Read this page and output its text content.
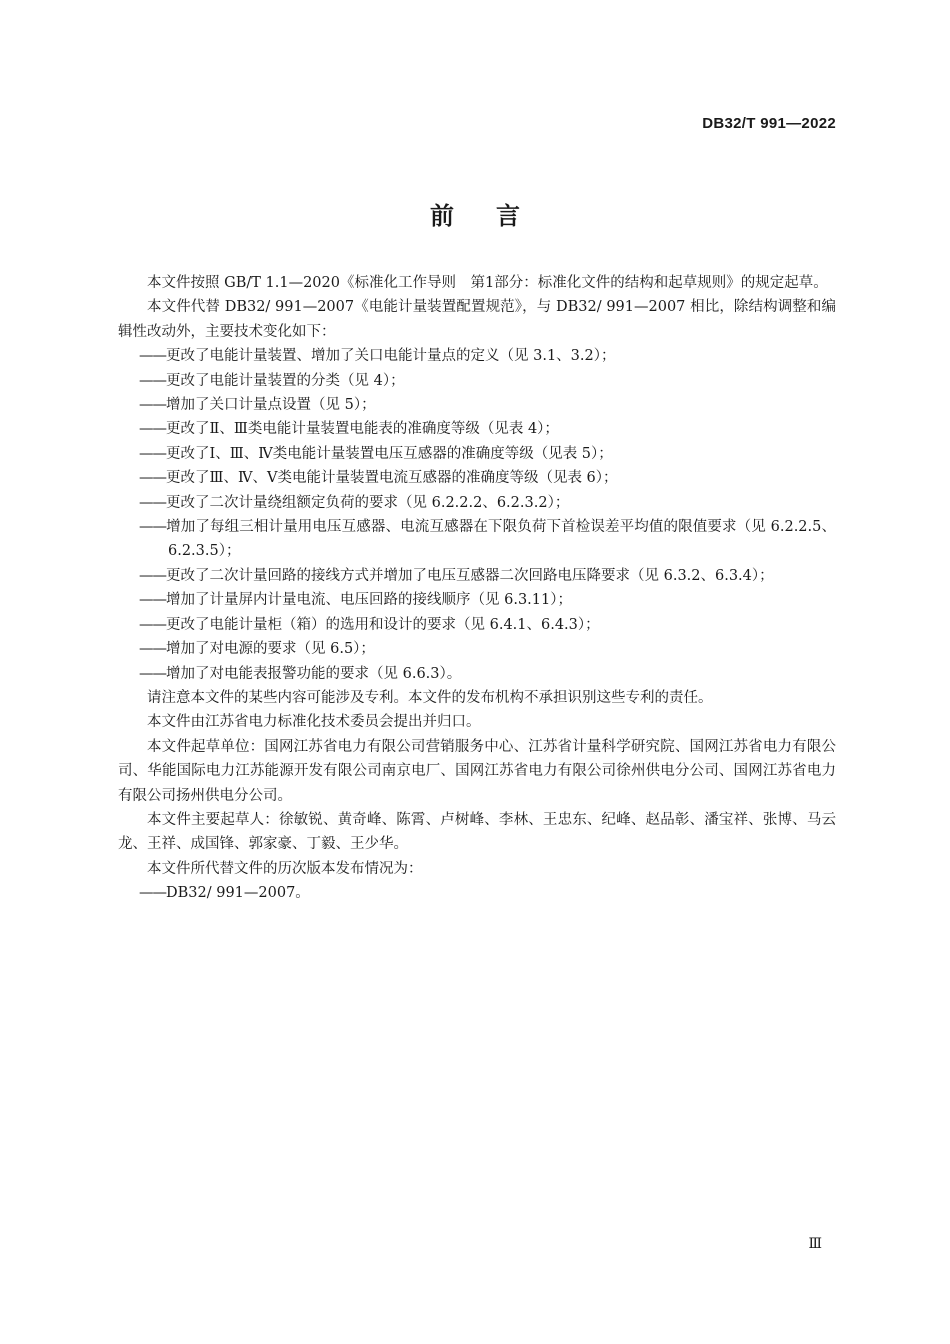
DB32/T 991—2022
前言

本文件按照 GB/T 1.1—2020《标准化工作导则　第1部分：标准化文件的结构和起草规则》的规定起草。

本文件代替 DB32/ 991—2007《电能计量装置配置规范》，与 DB32/ 991—2007 相比，除结构调整和编辑性改动外，主要技术变化如下：

——更改了电能计量装置、增加了关口电能计量点的定义（见 3.1、3.2）；
——更改了电能计量装置的分类（见 4）；
——增加了关口计量点设置（见 5）；
——更改了Ⅱ、Ⅲ类电能计量装置电能表的准确度等级（见表 4）；
——更改了Ⅰ、Ⅲ、Ⅳ类电能计量装置电压互感器的准确度等级（见表 5）；
——更改了Ⅲ、Ⅳ、Ⅴ类电能计量装置电流互感器的准确度等级（见表 6）；
——更改了二次计量绕组额定负荷的要求（见 6.2.2.2、6.2.3.2）；
——增加了每组三相计量用电压互感器、电流互感器在下限负荷下首检误差平均值的限值要求（见 6.2.2.5、6.2.3.5）；
——更改了二次计量回路的接线方式并增加了电压互感器二次回路电压降要求（见 6.3.2、6.3.4）；
——增加了计量屏内计量电流、电压回路的接线顺序（见 6.3.11）；
——更改了电能计量柜（箱）的选用和设计的要求（见 6.4.1、6.4.3）；
——增加了对电源的要求（见 6.5）；
——增加了对电能表报警功能的要求（见 6.6.3）。

请注意本文件的某些内容可能涉及专利。本文件的发布机构不承担识别这些专利的责任。

本文件由江苏省电力标准化技术委员会提出并归口。

本文件起草单位：国网江苏省电力有限公司营销服务中心、江苏省计量科学研究院、国网江苏省电力有限公司、华能国际电力江苏能源开发有限公司南京电厂、国网江苏省电力有限公司徐州供电分公司、国网江苏省电力有限公司扬州供电分公司。

本文件主要起草人：徐敏锐、黄奇峰、陈霄、卢树峰、李林、王忠东、纪峰、赵品彰、潘宝祥、张博、马云龙、王祥、成国锋、郭家豪、丁毅、王少华。

本文件所代替文件的历次版本发布情况为：

——DB32/ 991—2007。
Ⅲ
